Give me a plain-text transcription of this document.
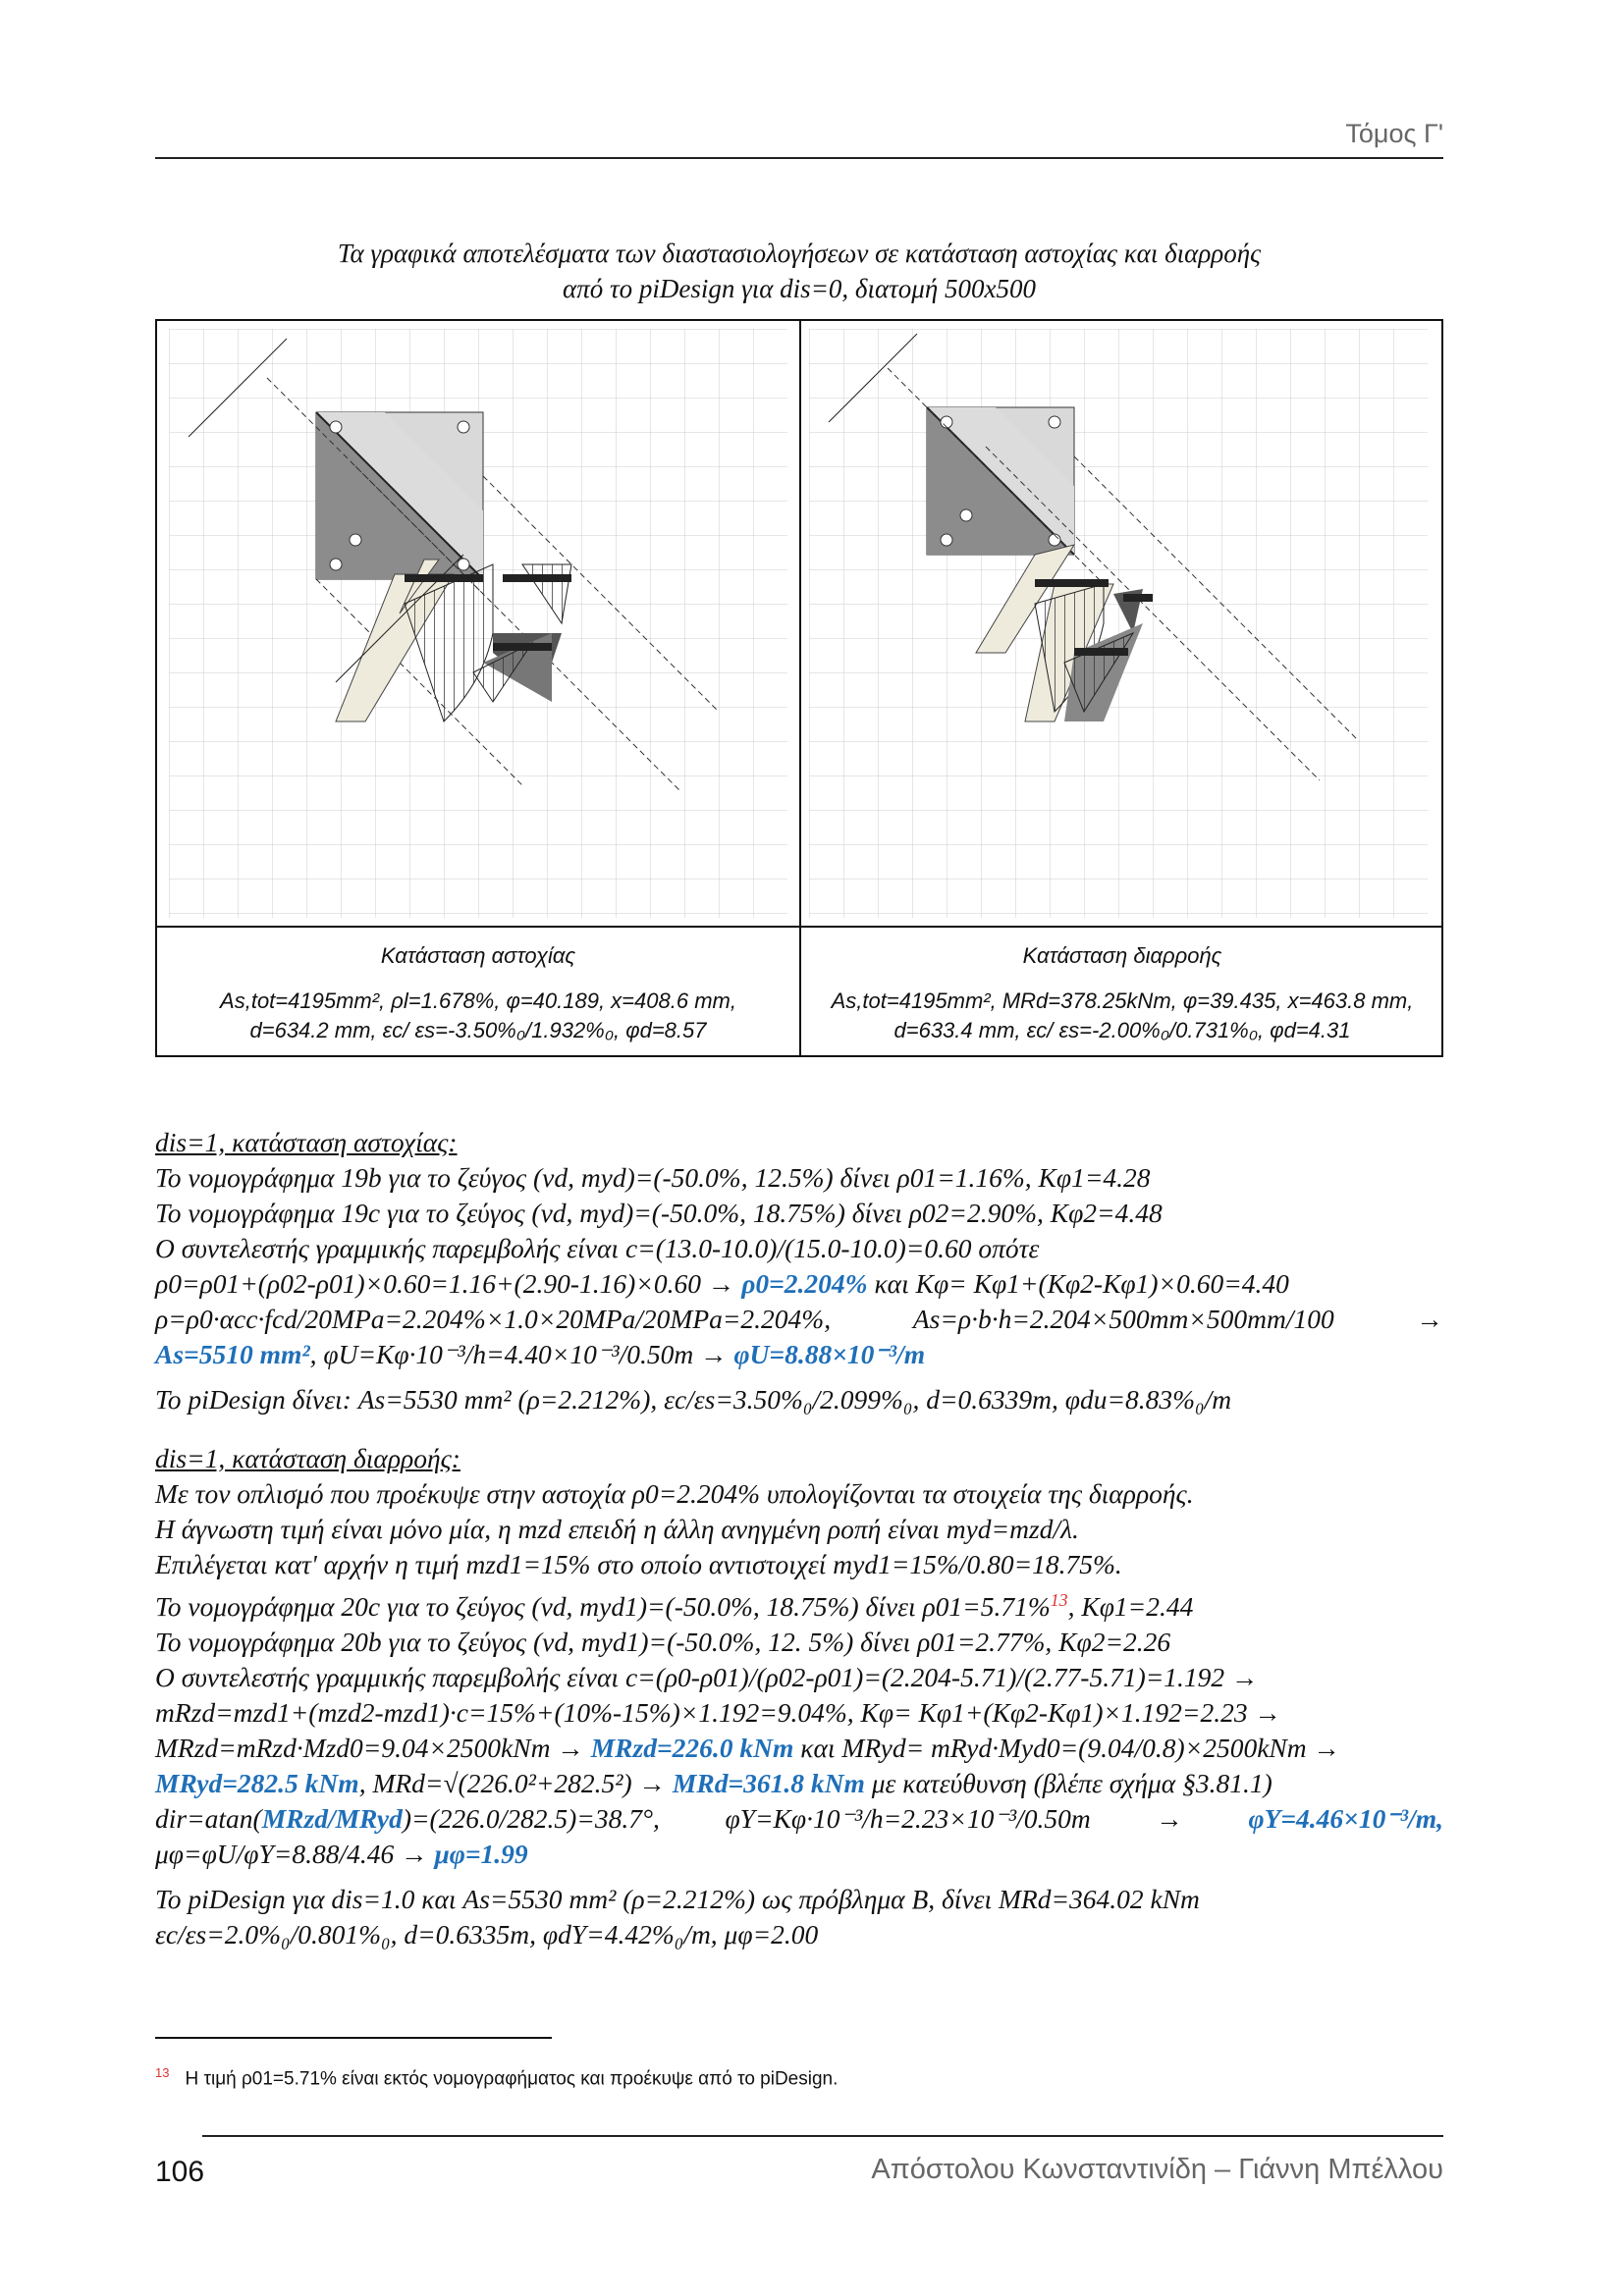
Τόμος Γ'
Τα γραφικά αποτελέσματα των διαστασιολογήσεων σε κατάσταση αστοχίας και διαρροής
από το piDesign για dis=0, διατομή 500x500
Κατάσταση αστοχίας
As,tot=4195mm², ρl=1.678%, φ=40.189, x=408.6 mm,
d=634.2 mm, εc/ εs=-3.50%₀/1.932%₀, φd=8.57
Κατάσταση διαρροής
As,tot=4195mm², MRd=378.25kNm, φ=39.435, x=463.8 mm,
d=633.4 mm, εc/ εs=-2.00%₀/0.731%₀, φd=4.31

dis=1, κατάσταση αστοχίας:

Το νομογράφημα 19b για το ζεύγος (νd, myd)=(-50.0%, 12.5%) δίνει ρ01=1.16%, Kφ1=4.28

Το νομογράφημα 19c για το ζεύγος (νd, myd)=(-50.0%, 18.75%) δίνει ρ02=2.90%, Kφ2=4.48

Ο συντελεστής γραμμικής παρεμβολής είναι c=(13.0-10.0)/(15.0-10.0)=0.60 οπότε

ρ0=ρ01+(ρ02-ρ01)×0.60=1.16+(2.90-1.16)×0.60 → ρ0=2.204% και Kφ= Kφ1+(Kφ2-Kφ1)×0.60=4.40

ρ=ρ0·αcc·fcd/20MPa=2.204%×1.0×20MPa/20MPa=2.204%,	As=ρ·b·h=2.204×500mm×500mm/100	→

As=5510 mm², φU=Kφ·10⁻³/h=4.40×10⁻³/0.50m → φU=8.88×10⁻³/m

Το piDesign δίνει: As=5530 mm² (ρ=2.212%), εc/εs=3.50%₀/2.099%₀, d=0.6339m, φdu=8.83%₀/m

dis=1, κατάσταση διαρροής:

Με τον οπλισμό που προέκυψε στην αστοχία ρ0=2.204% υπολογίζονται τα στοιχεία της διαρροής.

Η άγνωστη τιμή είναι μόνο μία, η mzd επειδή η άλλη ανηγμένη ροπή είναι myd=mzd/λ.

Επιλέγεται κατ' αρχήν η τιμή mzd1=15% στο οποίο αντιστοιχεί myd1=15%/0.80=18.75%.

Το νομογράφημα 20c για το ζεύγος (νd, myd1)=(-50.0%, 18.75%) δίνει ρ01=5.71%$^{13}$, Kφ1=2.44

Το νομογράφημα 20b για το ζεύγος (νd, myd1)=(-50.0%, 12. 5%) δίνει ρ01=2.77%, Kφ2=2.26

Ο συντελεστής γραμμικής παρεμβολής είναι c=(ρ0-ρ01)/(ρ02-ρ01)=(2.204-5.71)/(2.77-5.71)=1.192 →

mRzd=mzd1+(mzd2-mzd1)·c=15%+(10%-15%)×1.192=9.04%, Kφ= Kφ1+(Kφ2-Kφ1)×1.192=2.23 →

MRzd=mRzd·Mzd0=9.04×2500kNm → MRzd=226.0 kNm και MRyd= mRyd·Myd0=(9.04/0.8)×2500kNm →

MRyd=282.5 kNm, MRd=√(226.0²+282.5²) → MRd=361.8 kNm με κατεύθυνση (βλέπε σχήμα §3.81.1)

dir=atan(MRzd/MRyd)=(226.0/282.5)=38.7°, φY=Kφ·10⁻³/h=2.23×10⁻³/0.50m → φY=4.46×10⁻³/m,

μφ=φU/φY=8.88/4.46 → μφ=1.99

Το piDesign για dis=1.0 και As=5530 mm² (ρ=2.212%) ως πρόβλημα Β, δίνει MRd=364.02 kNm

εc/εs=2.0%₀/0.801%₀, d=0.6335m, φdY=4.42%₀/m, μφ=2.00

$^{13}$ Η τιμή ρ01=5.71% είναι εκτός νομογραφήματος και προέκυψε από το piDesign.
106	Απόστολου Κωνσταντινίδη – Γιάννη Μπέλλου
